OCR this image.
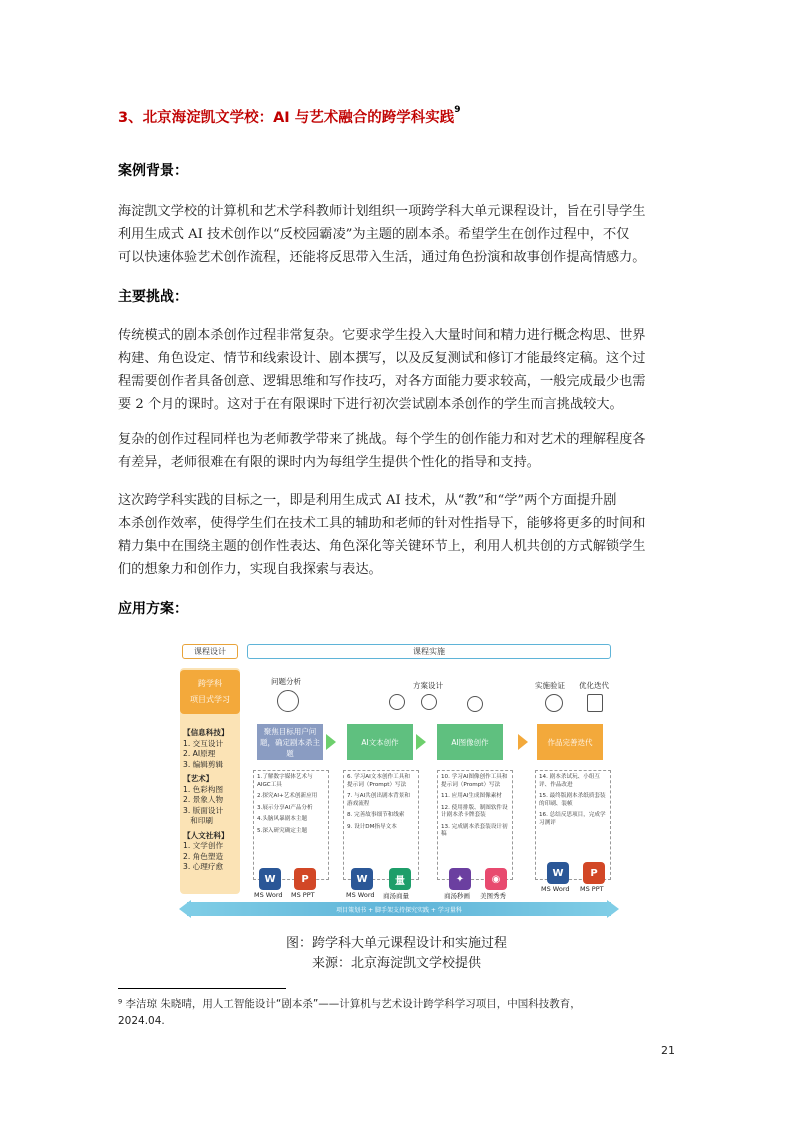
3、北京海淀凯文学校：AI 与艺术融合的跨学科实践$^9$
案例背景：
海淀凯文学校的计算机和艺术学科教师计划组织一项跨学科大单元课程设计，旨在引导学生
利用生成式 AI 技术创作以“反校园霸凌”为主题的剧本杀。希望学生在创作过程中，不仅
可以快速体验艺术创作流程，还能将反思带入生活，通过角色扮演和故事创作提高情感力。
主要挑战：
传统模式的剧本杀创作过程非常复杂。它要求学生投入大量时间和精力进行概念构思、世界
构建、角色设定、情节和线索设计、剧本撰写，以及反复测试和修订才能最终定稿。这个过
程需要创作者具备创意、逻辑思维和写作技巧，对各方面能力要求较高，一般完成最少也需
要 2 个月的课时。这对于在有限课时下进行初次尝试剧本杀创作的学生而言挑战较大。
复杂的创作过程同样也为老师教学带来了挑战。每个学生的创作能力和对艺术的理解程度各
有差异，老师很难在有限的课时内为每组学生提供个性化的指导和支持。
这次跨学科实践的目标之一，即是利用生成式 AI 技术，从“教”和“学”两个方面提升剧
本杀创作效率，使得学生们在技术工具的辅助和老师的针对性指导下，能够将更多的时间和
精力集中在围绕主题的创作性表达、角色深化等关键环节上，利用人机共创的方式解锁学生
们的想象力和创作力，实现自我探索与表达。
应用方案：
课程设计	课程实施
跨学科
项目式学习
【信息科技】
1. 交互设计
2. AI原理
3. 编辑剪辑
【艺术】
1. 色彩构图
2. 景象人物
3. 版面设计
和印刷
【人文社科】
1. 文学创作
2. 角色塑造
3. 心理疗愈
问题分析	方案设计	实施验证 优化迭代
聚焦目标用户问题，确定剧本杀主题
AI文本创作	AI图像创作	作品完善迭代
1.了解数字媒体艺术与AIGC工具
2.探究AI+艺术创新应用
3.展示分享AI产品分析
4.头脑风暴剧本主题
5.深入研究确定主题
6. 学习AI文本创作工具和提示词（Prompt）写法
7. 与AI共创出剧本背景和游戏流程
8. 完善故事细节和线索
9. 设计DM指导文本
10. 学习AI图像创作工具和提示词（Prompt）写法
11. 应用AI生成图像素材
12. 使用排版、制图软件设计剧本杀卡牌套装
13. 完成剧本杀套装设计初稿
14. 剧本杀试玩、小组互评、作品改进
15. 最终版剧本杀纸质套装的印刷、装帧
16. 总结反思项目，完成学习测评
W
MS Word
P
MS PPT
W
MS Word
量
商汤商量
✦
商汤秒画
◉
美图秀秀
W
MS Word
P
MS PPT
项目策划书 + 脚手架支持探究实践 + 学习量科
图：跨学科大单元课程设计和实施过程
来源：北京海淀凯文学校提供
⁹ 李洁琼 朱晓晴，用人工智能设计“剧本杀”——计算机与艺术设计跨学科学习项目，中国科技教育，
2024.04.
21
